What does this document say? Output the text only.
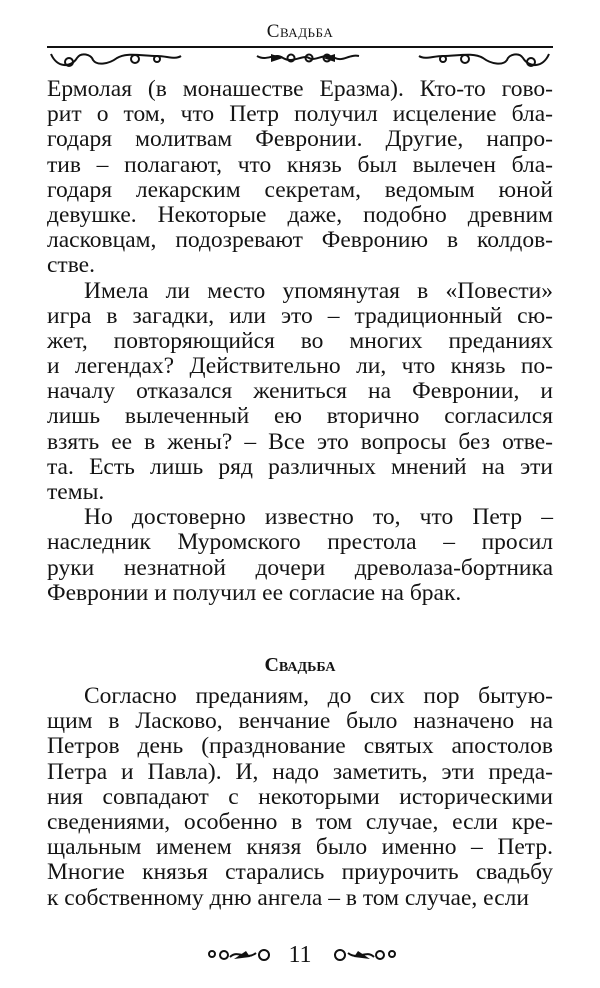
Свадьба
Ермолая (в монашестве Еразма). Кто-то гово-
рит о том, что Петр получил исцеление бла-
годаря молитвам Февронии. Другие, напро-
тив – полагают, что князь был вылечен бла-
годаря лекарским секретам, ведомым юной
девушке. Некоторые даже, подобно древним
ласковцам, подозревают Февронию в колдов-
стве.
Имела ли место упомянутая в «Повести»
игра в загадки, или это – традиционный сю-
жет, повторяющийся во многих преданиях
и легендах? Действительно ли, что князь по-
началу отказался жениться на Февронии, и
лишь вылеченный ею вторично согласился
взять ее в жены? – Все это вопросы без отве-
та. Есть лишь ряд различных мнений на эти
темы.
Но достоверно известно то, что Петр –
наследник Муромского престола – просил
руки незнатной дочери древолаза-бортника
Февронии и получил ее согласие на брак.
Свадьба
Согласно преданиям, до сих пор бытую-
щим в Ласково, венчание было назначено на
Петров день (празднование святых апостолов
Петра и Павла). И, надо заметить, эти преда-
ния совпадают с некоторыми историческими
сведениями, особенно в том случае, если кре-
щальным именем князя было именно – Петр.
Многие князья старались приурочить свадьбу
к собственному дню ангела – в том случае, если
11
